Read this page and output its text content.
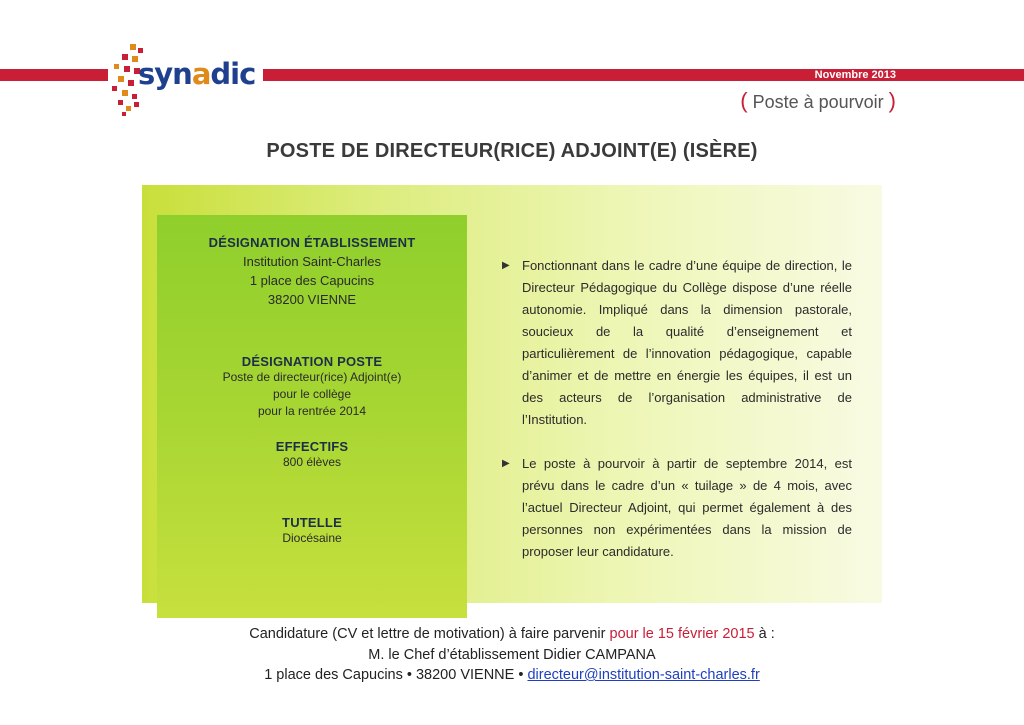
synadic	Novembre 2013
( Poste à pourvoir )
POSTE DE DIRECTEUR(RICE) ADJOINT(E) (ISÈRE)
DÉSIGNATION ÉTABLISSEMENT
Institution Saint-Charles
1 place des Capucins
38200 VIENNE
DÉSIGNATION POSTE
Poste de directeur(rice) Adjoint(e)
pour le collège
pour la rentrée 2014
EFFECTIFS
800 élèves
TUTELLE
Diocésaine
▶ Fonctionnant dans le cadre d’une équipe de direction, le Directeur Pédagogique du Collège dispose d’une réelle autonomie. Impliqué dans la dimension pastorale, soucieux de la qualité d’enseignement et particulièrement de l’innovation pédagogique, capable d’animer et de mettre en énergie les équipes, il est un des acteurs de l’organisation administrative de l’Institution.
▶ Le poste à pourvoir à partir de septembre 2014, est prévu dans le cadre d’un « tuilage » de 4 mois, avec l’actuel Directeur Adjoint, qui permet également à des personnes non expérimentées dans la mission de proposer leur candidature.
Candidature (CV et lettre de motivation) à faire parvenir pour le 15 février 2015 à :
M. le Chef d’établissement Didier CAMPANA
1 place des Capucins • 38200 VIENNE • directeur@institution-saint-charles.fr
